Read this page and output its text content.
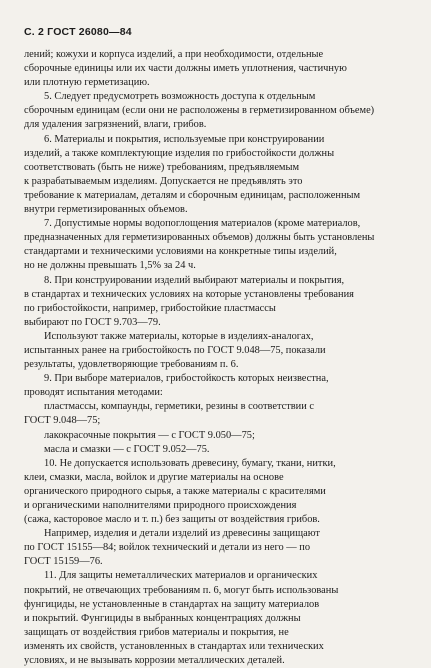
С. 2 ГОСТ 26080—84
лений; кожухи и корпуса изделий, а при необходимости, отдельные
сборочные единицы или их части должны иметь уплотнения, частичную
или плотную герметизацию.
5. Следует предусмотреть возможность доступа к отдельным
сборочным единицам (если они не расположены в герметизированном объеме)
для удаления загрязнений, влаги, грибов.
6. Материалы и покрытия, используемые при конструировании
изделий, а также комплектующие изделия по грибостойкости должны
соответствовать (быть не ниже) требованиям, предъявляемым
к разрабатываемым изделиям. Допускается не предъявлять это
требование к материалам, деталям и сборочным единицам, расположенным
внутри герметизированных объемов.
7. Допустимые нормы водопоглощения материалов (кроме материалов,
предназначенных для герметизированных объемов) должны быть установлены
стандартами и техническими условиями на конкретные типы изделий,
но не должны превышать 1,5% за 24 ч.
8. При конструировании изделий выбирают материалы и покрытия,
в стандартах и технических условиях на которые установлены требования
по грибостойкости, например, грибостойкие пластмассы
выбирают по ГОСТ 9.703—79.
Используют также материалы, которые в изделиях-аналогах,
испытанных ранее на грибостойкость по ГОСТ 9.048—75, показали
результаты, удовлетворяющие требованиям п. 6.
9. При выборе материалов, грибостойкость которых неизвестна,
проводят испытания методами:
пластмассы, компаунды, герметики, резины в соответствии с
ГОСТ 9.048—75;
лакокрасочные покрытия — с ГОСТ 9.050—75;
масла и смазки — с ГОСТ 9.052—75.
10. Не допускается использовать древесину, бумагу, ткани, нитки,
клеи, смазки, масла, войлок и другие материалы на основе
органического природного сырья, а также материалы с красителями
и органическими наполнителями природного происхождения
(сажа, касторовое масло и т. п.) без защиты от воздействия грибов.
Например, изделия и детали изделий из древесины защищают
по ГОСТ 15155—84; войлок технический и детали из него — по
ГОСТ 15159—76.
11. Для защиты неметаллических материалов и органических
покрытий, не отвечающих требованиям п. 6, могут быть использованы
фунгициды, не установленные в стандартах на защиту материалов
и покрытий. Фунгициды в выбранных концентрациях должны
защищать от воздействия грибов материалы и покрытия, не
изменять их свойств, установленных в стандартах или технических
условиях, и не вызывать коррозии металлических деталей.
